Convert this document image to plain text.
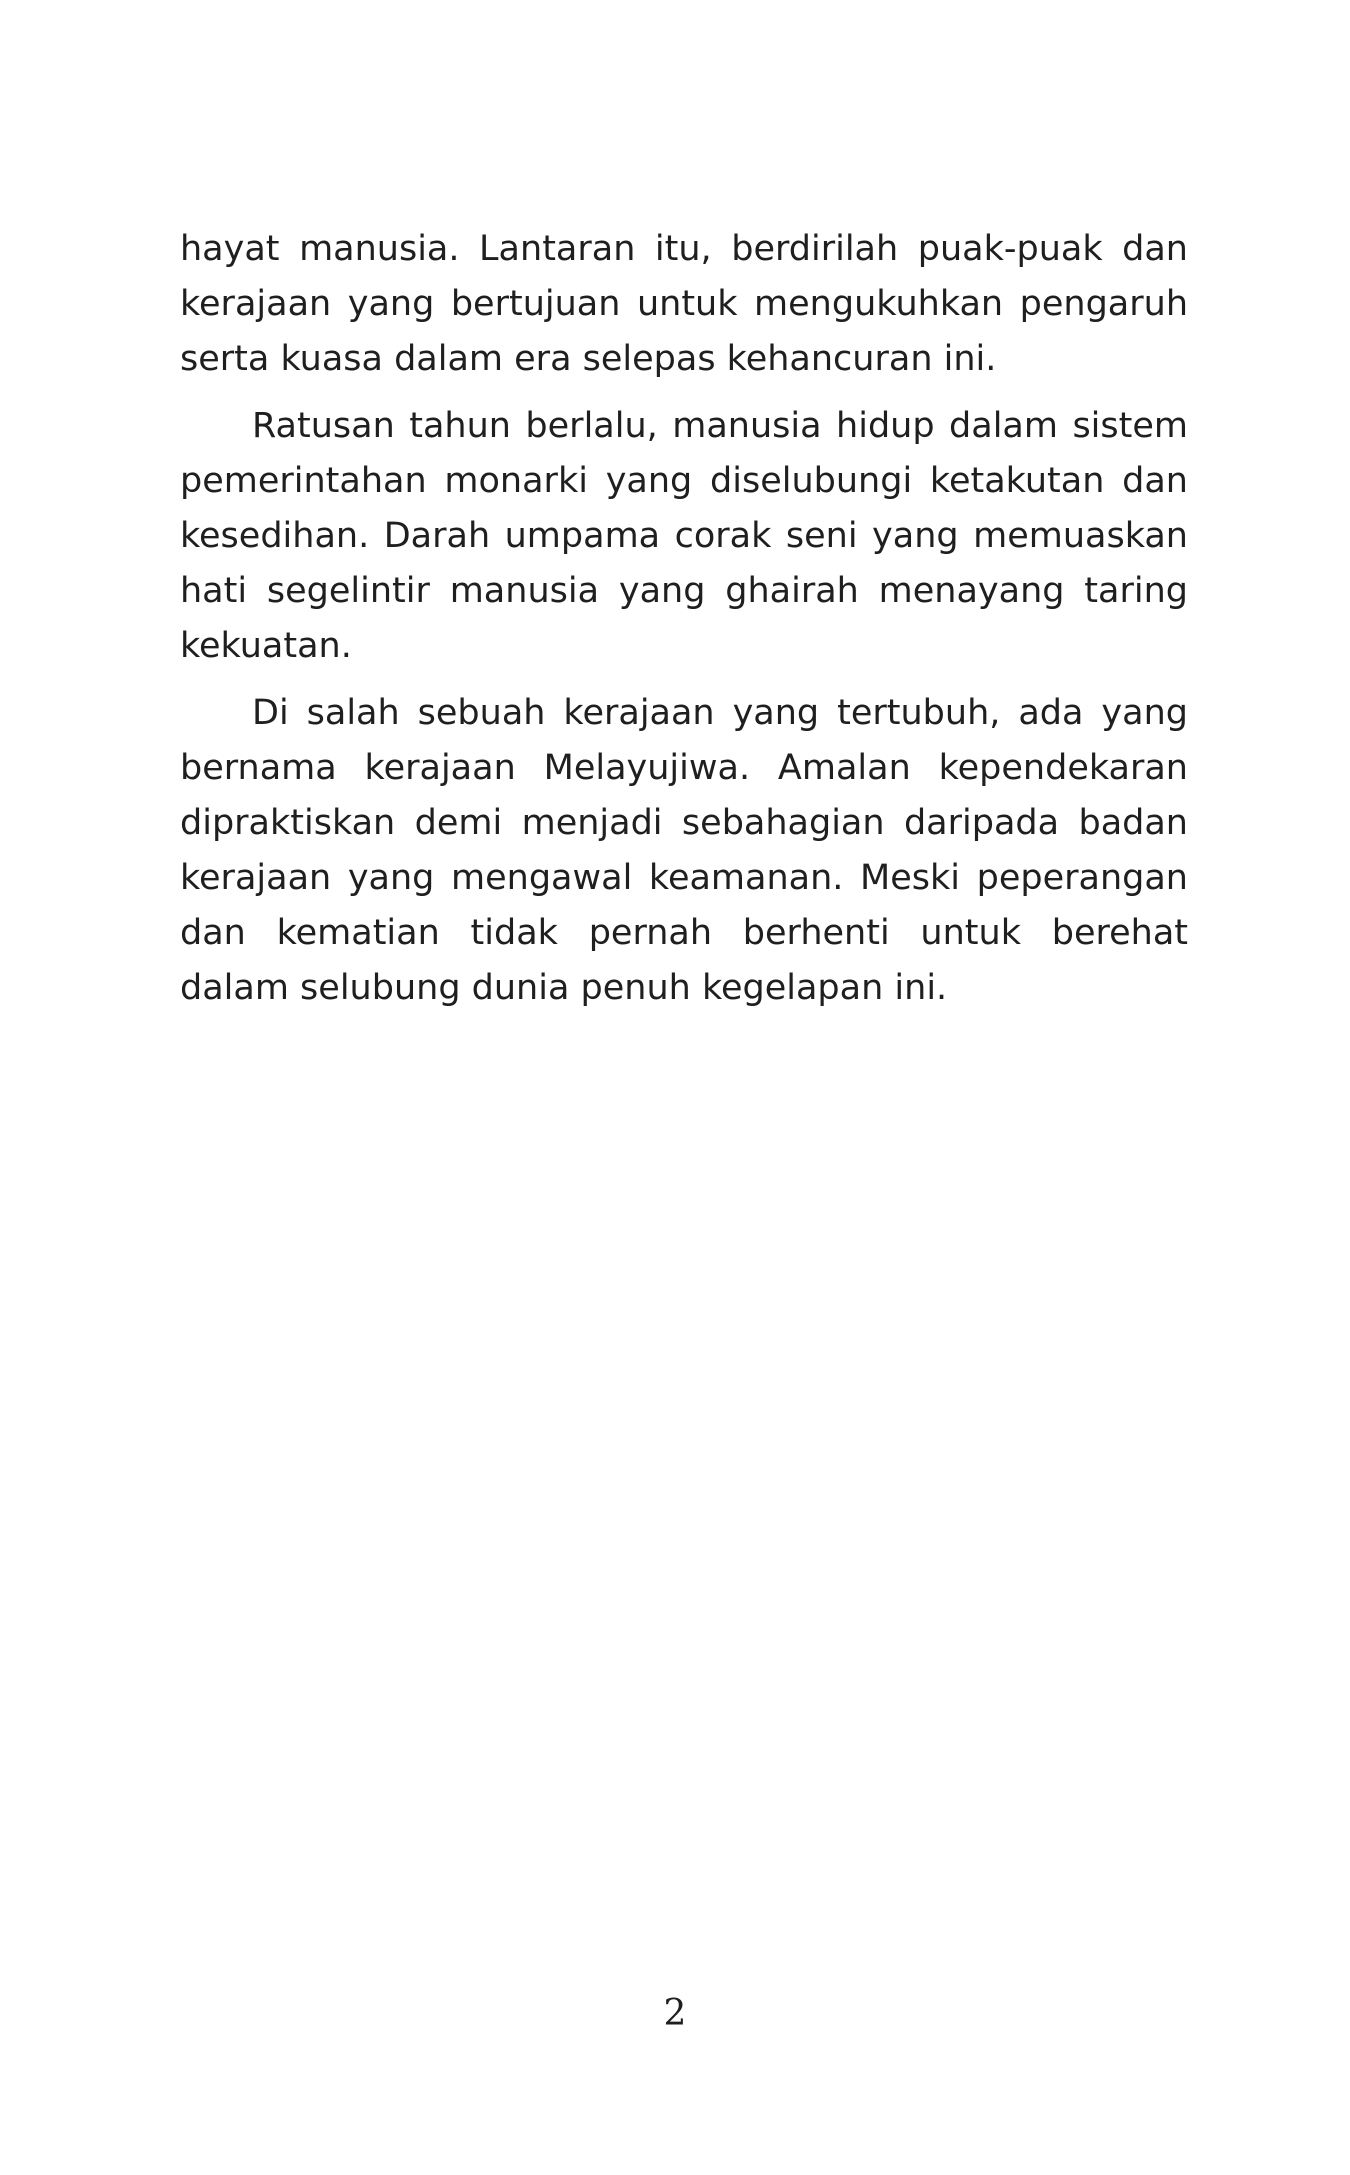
hayat manusia. Lantaran itu, berdirilah puak-puak dan kerajaan yang bertujuan untuk mengukuhkan pengaruh serta kuasa dalam era selepas kehancuran ini.

Ratusan tahun berlalu, manusia hidup dalam sistem pemerintahan monarki yang diselubungi ketakutan dan kesedihan. Darah umpama corak seni yang memuaskan hati segelintir manusia yang ghairah menayang taring kekuatan.

Di salah sebuah kerajaan yang tertubuh, ada yang bernama kerajaan Melayujiwa. Amalan kependekaran dipraktiskan demi menjadi sebahagian daripada badan kerajaan yang mengawal keamanan. Meski peperangan dan kematian tidak pernah berhenti untuk berehat dalam selubung dunia penuh kegelapan ini.

2
